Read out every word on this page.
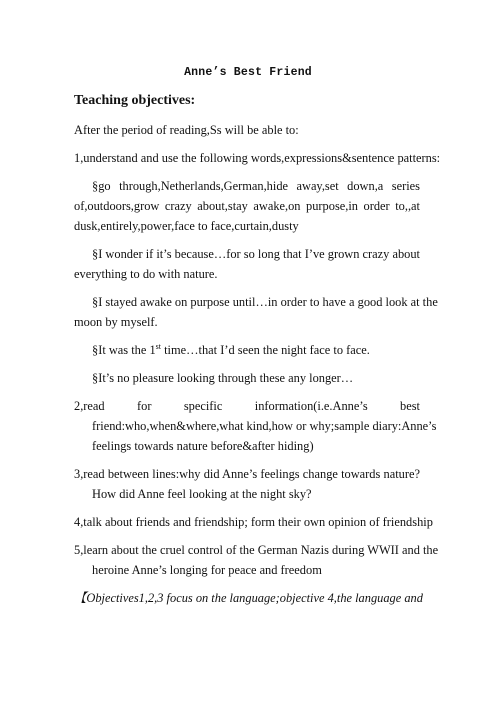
Anne’s Best Friend
Teaching objectives:
After the period of reading,Ss will be able to:
1,understand and use the following words,expressions&sentence patterns:
§go through,Netherlands,German,hide away,set down,a series
of,outdoors,grow crazy about,stay awake,on purpose,in order to,,at
dusk,entirely,power,face to face,curtain,dusty
§I wonder if it’s because…for so long that I’ve grown crazy about
everything to do with nature.
§I stayed awake on purpose until…in order to have a good look at the
moon by myself.
§It was the 1st time…that I’d seen the night face to face.
§It’s no pleasure looking through these any longer…
2,read for specific information(i.e.Anne’s best
friend:who,when&where,what kind,how or why;sample diary:Anne’s
feelings towards nature before&after hiding)
3,read between lines:why did Anne’s feelings change towards nature?
How did Anne feel looking at the night sky?
4,talk about friends and friendship; form their own opinion of friendship
5,learn about the cruel control of the German Nazis during WWII and the
heroine Anne’s longing for peace and freedom
【Objectives1,2,3 focus on the language;objective 4,the language and
